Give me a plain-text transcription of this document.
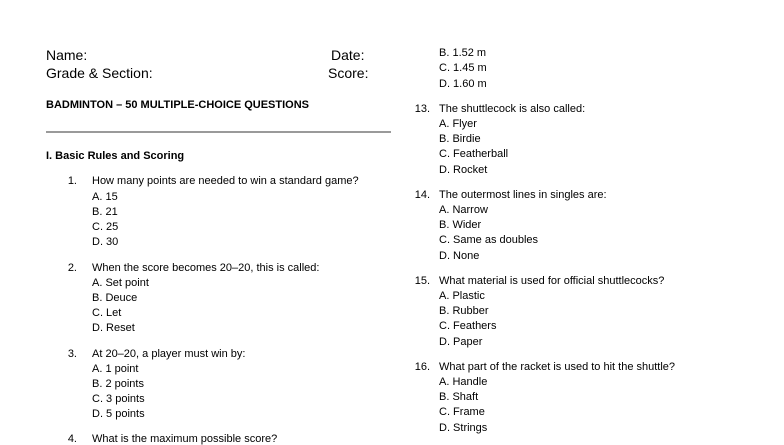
Name:	Date:
Grade & Section:	Score:
BADMINTON – 50 MULTIPLE-CHOICE QUESTIONS
I. Basic Rules and Scoring
1. How many points are needed to win a standard game?
A. 15
B. 21
C. 25
D. 30
2. When the score becomes 20–20, this is called:
A. Set point
B. Deuce
C. Let
D. Reset
3. At 20–20, a player must win by:
A. 1 point
B. 2 points
C. 3 points
D. 5 points
4. What is the maximum possible score?
B. 1.52 m
C. 1.45 m
D. 1.60 m
13. The shuttlecock is also called:
A. Flyer
B. Birdie
C. Featherball
D. Rocket
14. The outermost lines in singles are:
A. Narrow
B. Wider
C. Same as doubles
D. None
15. What material is used for official shuttlecocks?
A. Plastic
B. Rubber
C. Feathers
D. Paper
16. What part of the racket is used to hit the shuttle?
A. Handle
B. Shaft
C. Frame
D. Strings
